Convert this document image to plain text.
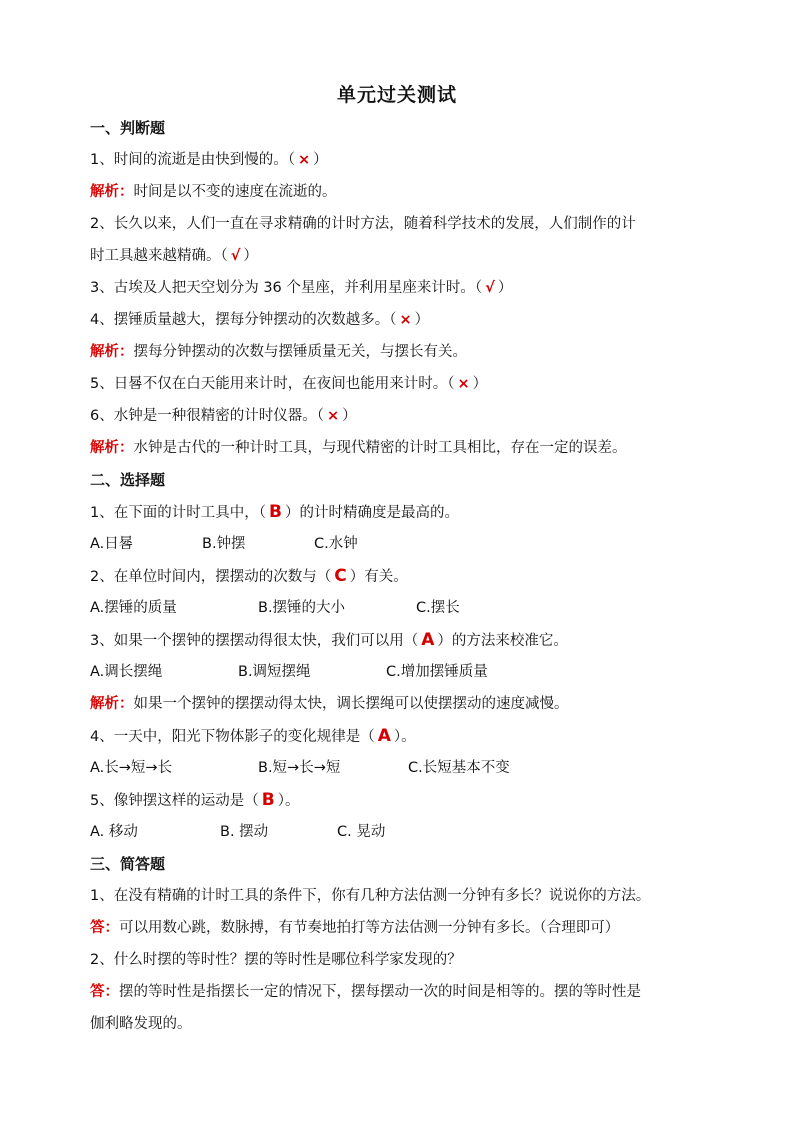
单元过关测试
一、判断题
1、时间的流逝是由快到慢的。（ × ）
解析：时间是以不变的速度在流逝的。
2、长久以来，人们一直在寻求精确的计时方法，随着科学技术的发展，人们制作的计
时工具越来越精确。（ √ ）
3、古埃及人把天空划分为 36 个星座，并利用星座来计时。（ √ ）
4、摆锤质量越大，摆每分钟摆动的次数越多。（ × ）
解析：摆每分钟摆动的次数与摆锤质量无关，与摆长有关。
5、日晷不仅在白天能用来计时，在夜间也能用来计时。（ × ）
6、水钟是一种很精密的计时仪器。（ × ）
解析：水钟是古代的一种计时工具，与现代精密的计时工具相比，存在一定的误差。
二、选择题
1、在下面的计时工具中，（ B ）的计时精确度是最高的。
A.日晷	B.钟摆	C.水钟
2、在单位时间内，摆摆动的次数与（ C ）有关。
A.摆锤的质量	B.摆锤的大小	C.摆长
3、如果一个摆钟的摆摆动得很太快，我们可以用（ A ）的方法来校准它。
A.调长摆绳	B.调短摆绳	C.增加摆锤质量
解析：如果一个摆钟的摆摆动得太快，调长摆绳可以使摆摆动的速度减慢。
4、一天中，阳光下物体影子的变化规律是（ A ）。
A.长→短→长	B.短→长→短	C.长短基本不变
5、像钟摆这样的运动是（ B ）。
A. 移动	B. 摆动	C. 晃动
三、简答题
1、在没有精确的计时工具的条件下，你有几种方法估测一分钟有多长？说说你的方法。
答：可以用数心跳，数脉搏，有节奏地拍打等方法估测一分钟有多长。（合理即可）
2、什么时摆的等时性？摆的等时性是哪位科学家发现的？
答：摆的等时性是指摆长一定的情况下，摆每摆动一次的时间是相等的。摆的等时性是
伽利略发现的。
